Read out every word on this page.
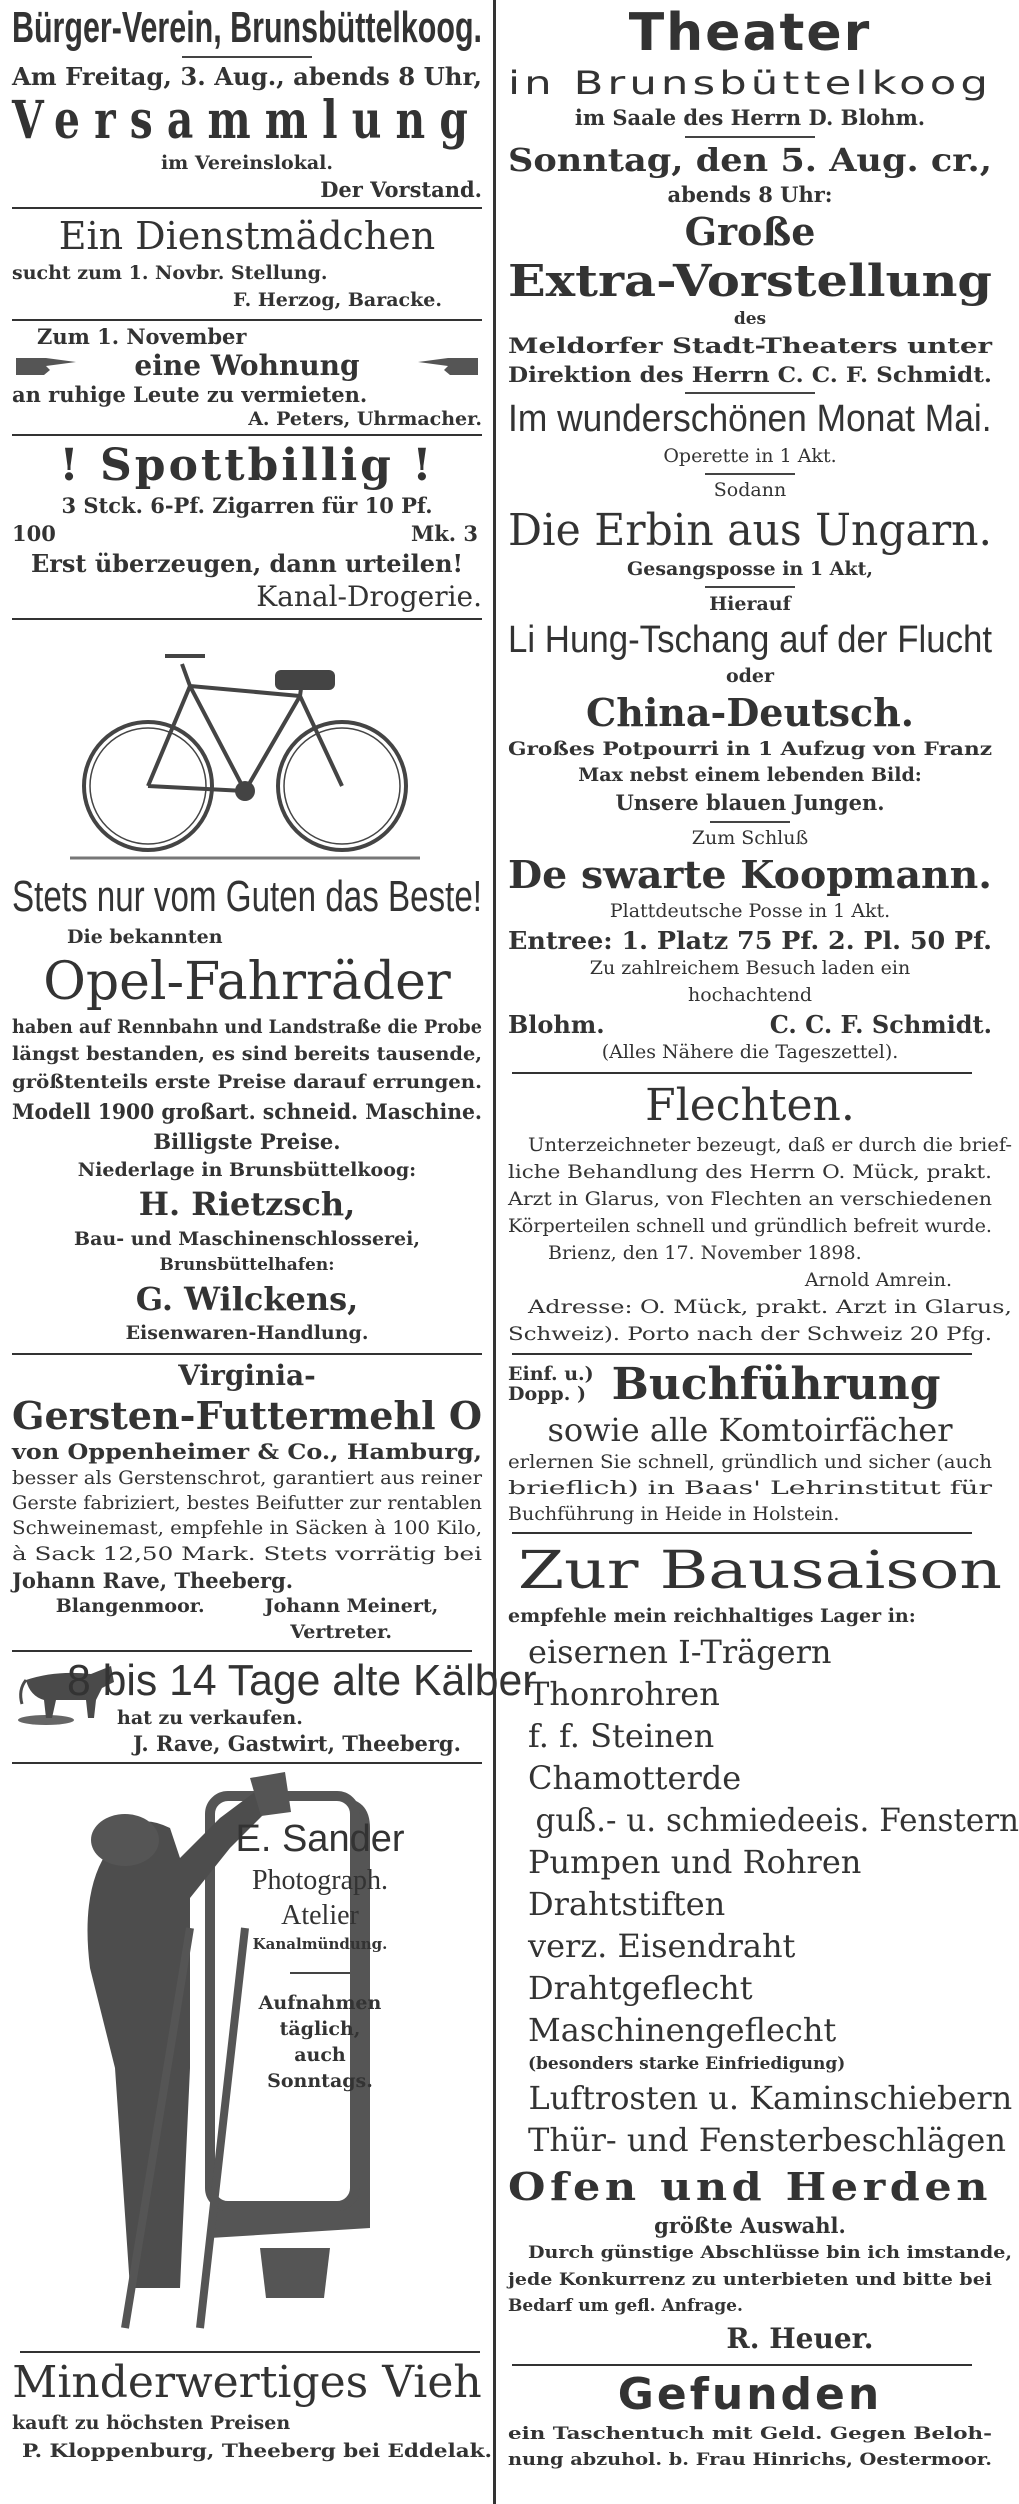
Bürger-Verein, Brunsbüttelkoog.
Am Freitag, 3. Aug., abends 8 Uhr,
Versammlung
im Vereinslokal.
Der Vorstand.
Ein Dienstmädchen
sucht zum 1. Novbr. Stellung.
F. Herzog, Baracke.
Zum 1. November
eine Wohnung
an ruhige Leute zu vermieten.
A. Peters, Uhrmacher.
! Spottbillig !
3 Stck. 6-Pf. Zigarren für 10 Pf.
100	Mk. 3
Erst überzeugen, dann urteilen!
Kanal-Drogerie.
Stets nur vom Guten das Beste!
Die bekannten
Opel-Fahrräder
haben auf Rennbahn und Landstraße die Probe
längst bestanden, es sind bereits tausende,
größtenteils erste Preise darauf errungen.
Modell 1900 großart. schneid. Maschine.
Billigste Preise.
Niederlage in Brunsbüttelkoog:
H. Rietzsch,
Bau- und Maschinenschlosserei,
Brunsbüttelhafen:
G. Wilckens,
Eisenwaren-Handlung.
Virginia-
Gersten-Futtermehl O
von Oppenheimer & Co., Hamburg,
besser als Gerstenschrot, garantiert aus reiner
Gerste fabriziert, bestes Beifutter zur rentablen
Schweinemast, empfehle in Säcken à 100 Kilo,
à Sack 12,50 Mark. Stets vorrätig bei
Johann Rave, Theeberg.
Blangenmoor.	Johann Meinert,
Vertreter.
8 bis 14 Tage alte Kälber
hat zu verkaufen.
J. Rave, Gastwirt, Theeberg.
E. Sander
Photograph.
Atelier
Kanalmündung.
Aufnahmen
täglich,
auch
Sonntags.
Minderwertiges Vieh
kauft zu höchsten Preisen
P. Kloppenburg, Theeberg bei Eddelak.
Theater
in Brunsbüttelkoog
im Saale des Herrn D. Blohm.
Sonntag, den 5. Aug. cr.,
abends 8 Uhr:
Große
Extra-Vorstellung
des
Meldorfer Stadt-Theaters unter
Direktion des Herrn C. C. F. Schmidt.
Im wunderschönen Monat Mai.
Operette in 1 Akt.
Sodann
Die Erbin aus Ungarn.
Gesangsposse in 1 Akt,
Hierauf
Li Hung-Tschang auf der Flucht
oder
China-Deutsch.
Großes Potpourri in 1 Aufzug von Franz
Max nebst einem lebenden Bild:
Unsere blauen Jungen.
Zum Schluß
De swarte Koopmann.
Plattdeutsche Posse in 1 Akt.
Entree: 1. Platz 75 Pf. 2. Pl. 50 Pf.
Zu zahlreichem Besuch laden ein
hochachtend
Blohm.	C. C. F. Schmidt.
(Alles Nähere die Tageszettel).
Flechten.
Unterzeichneter bezeugt, daß er durch die brief-
liche Behandlung des Herrn O. Mück, prakt.
Arzt in Glarus, von Flechten an verschiedenen
Körperteilen schnell und gründlich befreit wurde.
Brienz, den 17. November 1898.
Arnold Amrein.
Adresse: O. Mück, prakt. Arzt in Glarus,
Schweiz). Porto nach der Schweiz 20 Pfg.
Einf. u.)
Dopp. ) Buchführung
sowie alle Komtoirfächer
erlernen Sie schnell, gründlich und sicher (auch
brieflich) in Baas' Lehrinstitut für
Buchführung in Heide in Holstein.
Zur Bausaison
empfehle mein reichhaltiges Lager in:
eisernen I-Trägern
Thonrohren
f. f. Steinen
Chamotterde
guß.- u. schmiedeeis. Fenstern
Pumpen und Rohren
Drahtstiften
verz. Eisendraht
Drahtgeflecht
Maschinengeflecht
(besonders starke Einfriedigung)
Luftrosten u. Kaminschiebern
Thür- und Fensterbeschlägen
Ofen und Herden
größte Auswahl.
Durch günstige Abschlüsse bin ich imstande,
jede Konkurrenz zu unterbieten und bitte bei
Bedarf um gefl. Anfrage.
R. Heuer.
Gefunden
ein Taschentuch mit Geld. Gegen Beloh-
nung abzuhol. b. Frau Hinrichs, Oestermoor.
